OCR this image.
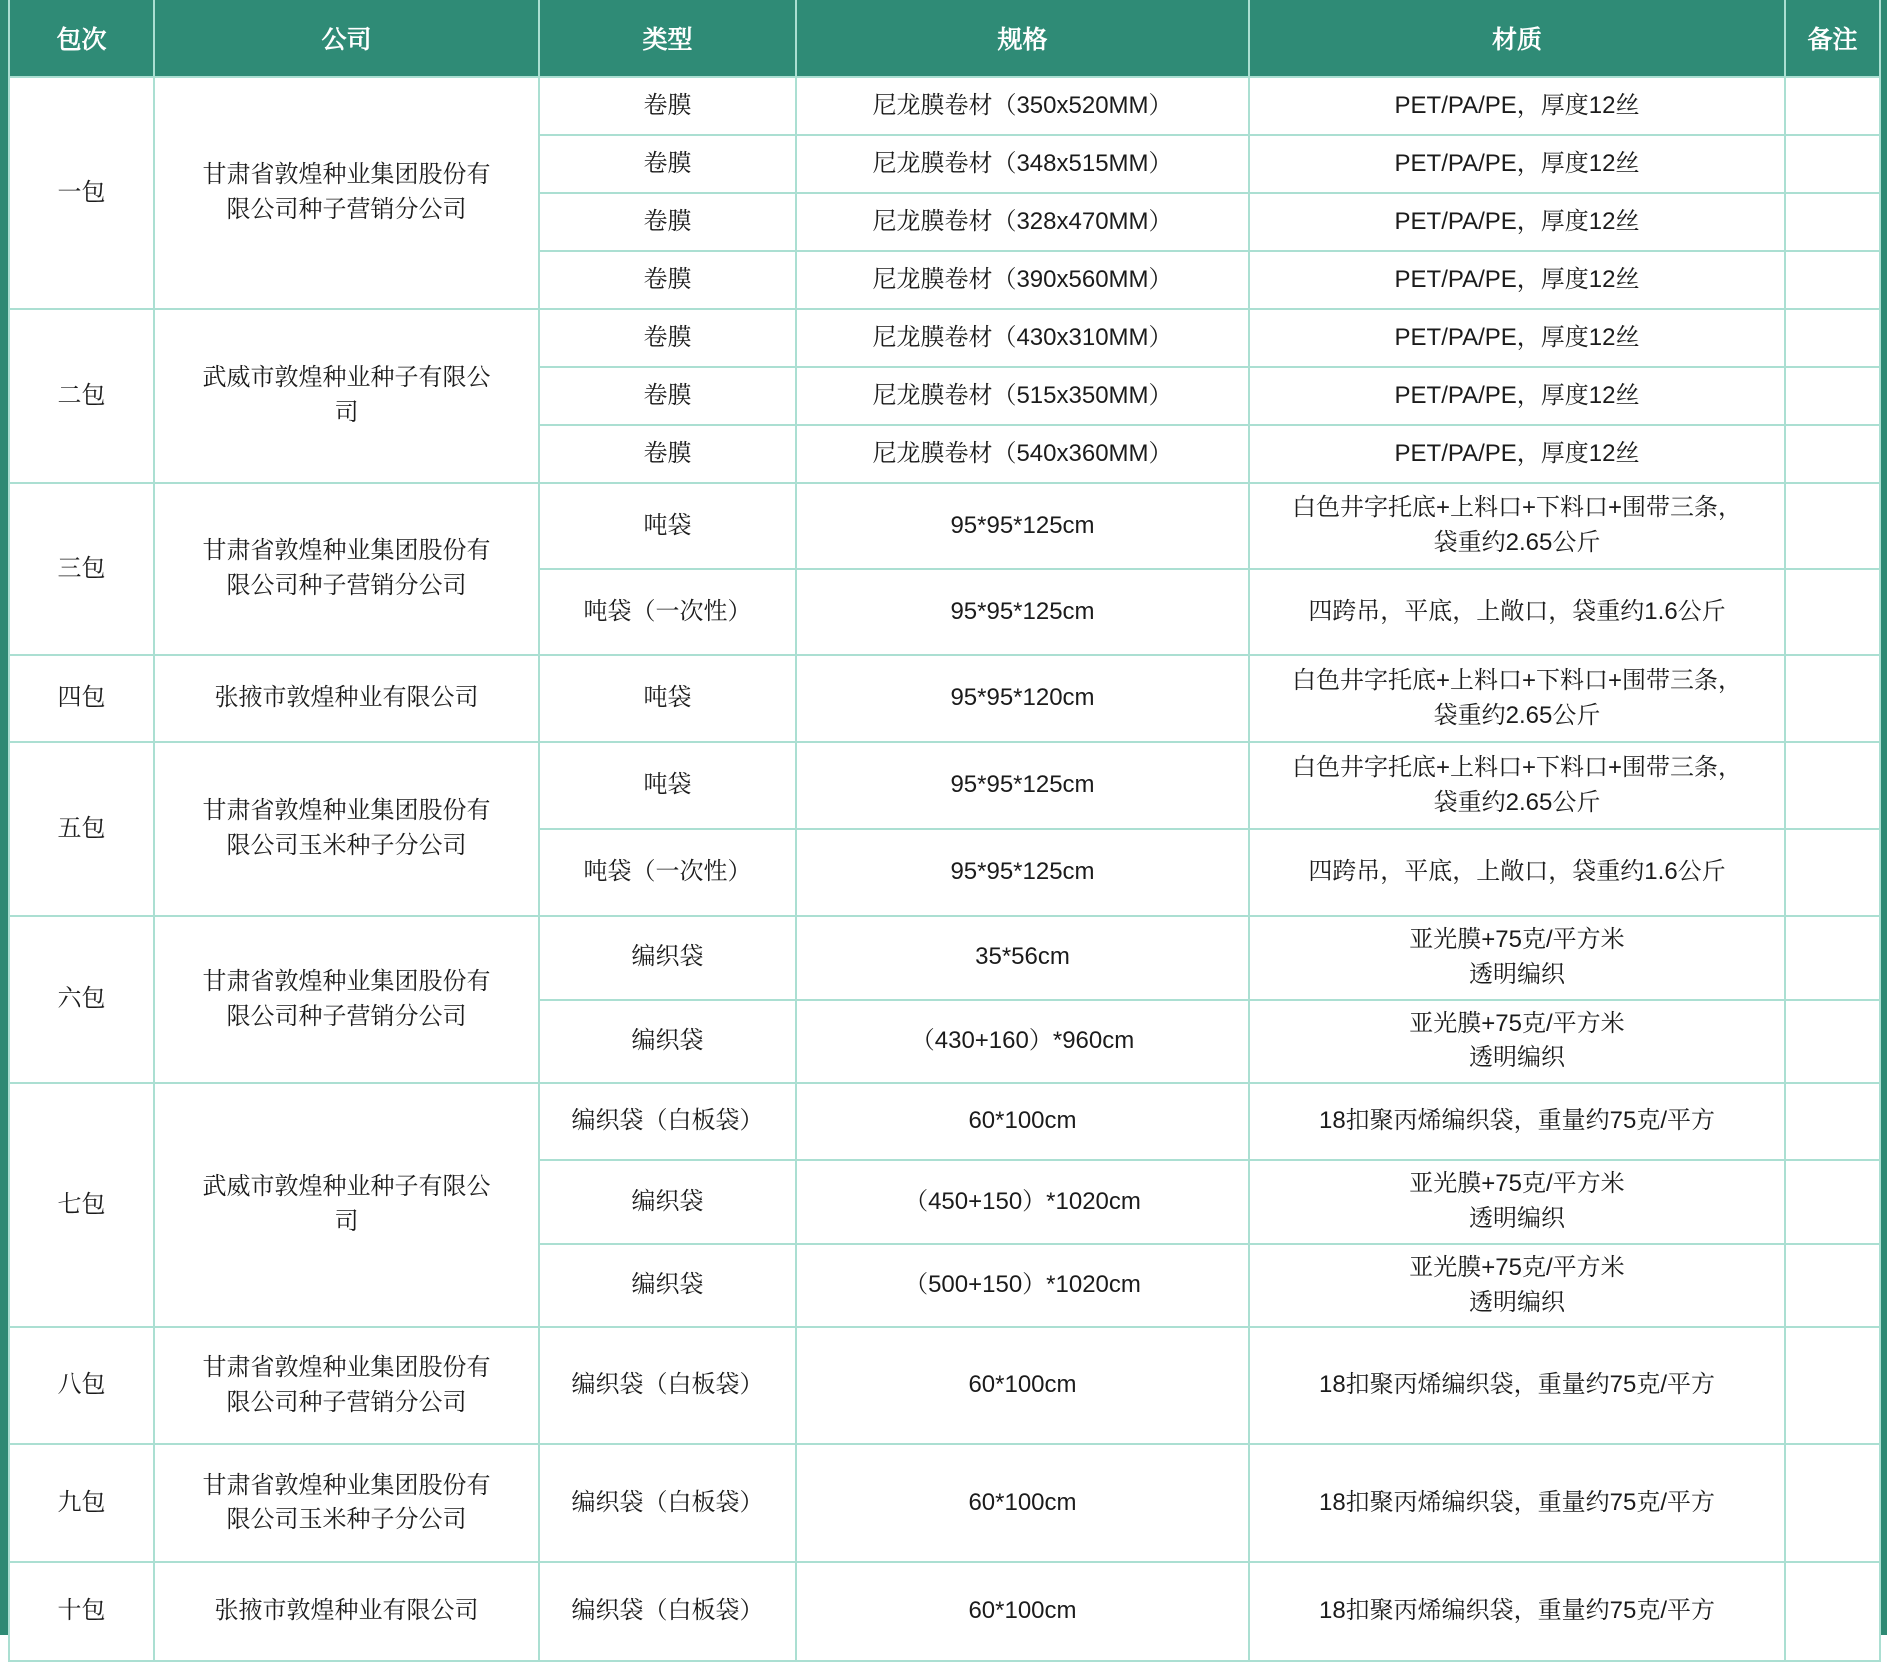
包次	公司	类型	规格	材质	备注
一包	甘肃省敦煌种业集团股份有限公司种子营销分公司	卷膜	尼龙膜卷材（350x520MM）	PET/PA/PE，厚度12丝	
		卷膜	尼龙膜卷材（348x515MM）	PET/PA/PE，厚度12丝	
		卷膜	尼龙膜卷材（328x470MM）	PET/PA/PE，厚度12丝	
		卷膜	尼龙膜卷材（390x560MM）	PET/PA/PE，厚度12丝	
二包	武威市敦煌种业种子有限公司	卷膜	尼龙膜卷材（430x310MM）	PET/PA/PE，厚度12丝	
		卷膜	尼龙膜卷材（515x350MM）	PET/PA/PE，厚度12丝	
		卷膜	尼龙膜卷材（540x360MM）	PET/PA/PE，厚度12丝	
三包	甘肃省敦煌种业集团股份有限公司种子营销分公司	吨袋	95*95*125cm	白色井字托底+上料口+下料口+围带三条，
袋重约2.65公斤	
		吨袋（一次性）	95*95*125cm	四跨吊，平底，上敞口，袋重约1.6公斤	
四包	张掖市敦煌种业有限公司	吨袋	95*95*120cm	白色井字托底+上料口+下料口+围带三条，
袋重约2.65公斤	
五包	甘肃省敦煌种业集团股份有限公司玉米种子分公司	吨袋	95*95*125cm	白色井字托底+上料口+下料口+围带三条，
袋重约2.65公斤	
		吨袋（一次性）	95*95*125cm	四跨吊，平底，上敞口，袋重约1.6公斤	
六包	甘肃省敦煌种业集团股份有限公司种子营销分公司	编织袋	35*56cm	亚光膜+75克/平方米
透明编织	
		编织袋	（430+160）*960cm	亚光膜+75克/平方米
透明编织	
七包	武威市敦煌种业种子有限公司	编织袋（白板袋）	60*100cm	18扣聚丙烯编织袋，重量约75克/平方	
		编织袋	（450+150）*1020cm	亚光膜+75克/平方米
透明编织	
		编织袋	（500+150）*1020cm	亚光膜+75克/平方米
透明编织	
八包	甘肃省敦煌种业集团股份有限公司种子营销分公司	编织袋（白板袋）	60*100cm	18扣聚丙烯编织袋，重量约75克/平方	
九包	甘肃省敦煌种业集团股份有限公司玉米种子分公司	编织袋（白板袋）	60*100cm	18扣聚丙烯编织袋，重量约75克/平方	
十包	张掖市敦煌种业有限公司	编织袋（白板袋）	60*100cm	18扣聚丙烯编织袋，重量约75克/平方	
